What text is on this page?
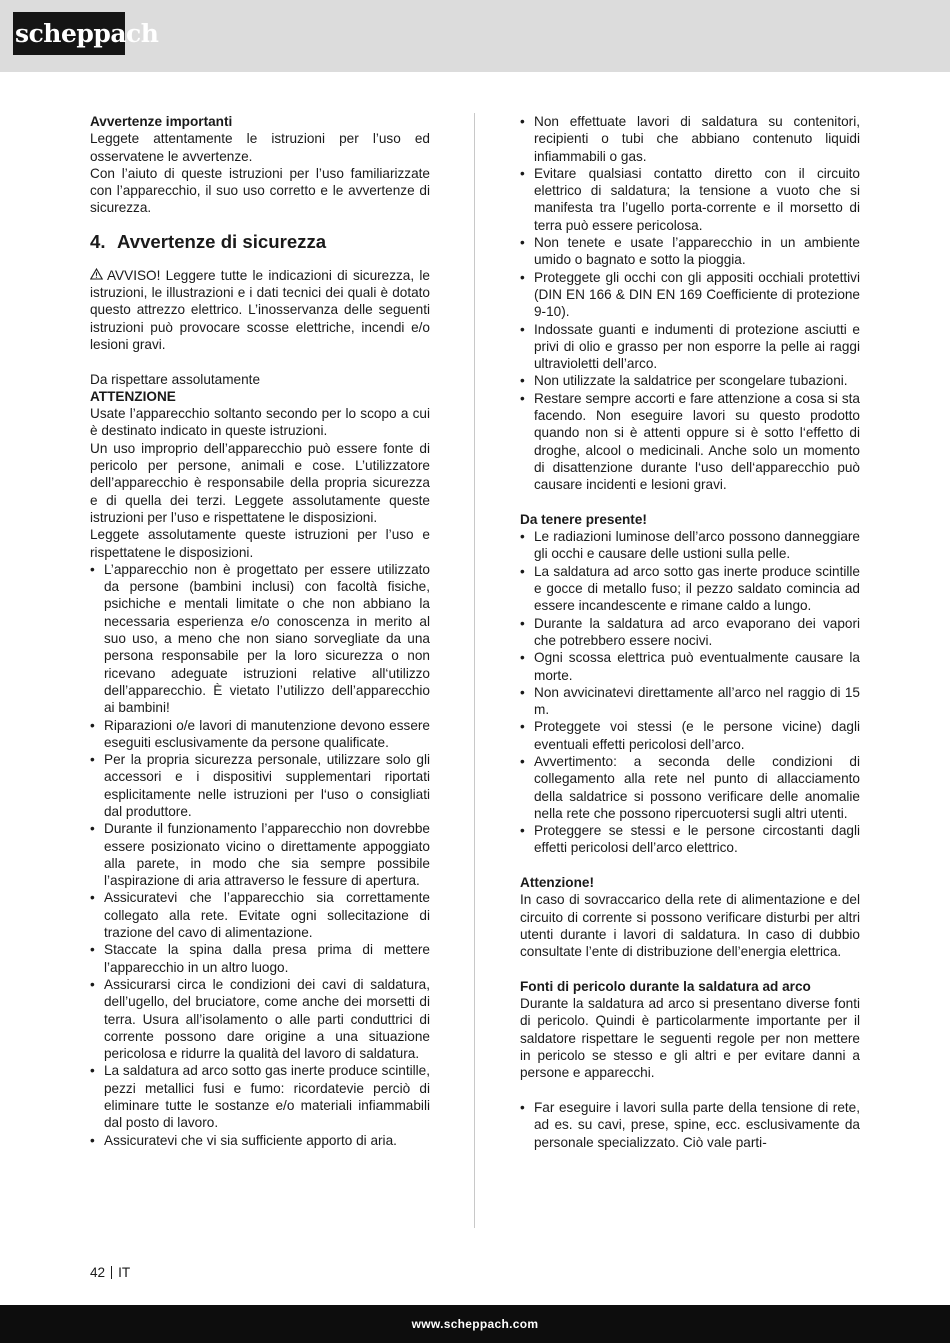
scheppach

Avvertenze importanti

Leggete attentamente le istruzioni per l’uso ed osservatene le avvertenze.

Con l’aiuto di queste istruzioni per l’uso familiarizzate con l’apparecchio, il suo uso corretto e le avvertenze di sicurezza.

4. Avvertenze di sicurezza

AVVISO! Leggere tutte le indicazioni di sicurezza, le istruzioni, le illustrazioni e i dati tecnici dei quali è dotato questo attrezzo elettrico. L’inosservanza delle seguenti istruzioni può provocare scosse elettriche, incendi e/o lesioni gravi.

Da rispettare assolutamente

ATTENZIONE

Usate l’apparecchio soltanto secondo per lo scopo a cui è destinato indicato in queste istruzioni.

Un uso improprio dell’apparecchio può essere fonte di pericolo per persone, animali e cose. L’utilizzatore dell’apparecchio è responsabile della propria sicurezza e di quella dei terzi. Leggete assolutamente queste istruzioni per l’uso e rispettatene le disposizioni.

Leggete assolutamente queste istruzioni per l’uso e rispettatene le disposizioni.

• L’apparecchio non è progettato per essere utilizzato da persone (bambini inclusi) con facoltà fisiche, psichiche e mentali limitate o che non abbiano la necessaria esperienza e/o conoscenza in merito al suo uso, a meno che non siano sorvegliate da una persona responsabile per la loro sicurezza o non ricevano adeguate istruzioni relative all‘utilizzo dell’apparecchio. È vietato l’utilizzo dell’apparecchio ai bambini!
• Riparazioni o/e lavori di manutenzione devono essere eseguiti esclusivamente da persone qualificate.
• Per la propria sicurezza personale, utilizzare solo gli accessori e i dispositivi supplementari riportati esplicitamente nelle istruzioni per l‘uso o consigliati dal produttore.
• Durante il funzionamento l’apparecchio non dovrebbe essere posizionato vicino o direttamente appoggiato alla parete, in modo che sia sempre possibile l’aspirazione di aria attraverso le fessure di apertura.
• Assicuratevi che l’apparecchio sia correttamente collegato alla rete. Evitate ogni sollecitazione di trazione del cavo di alimentazione.
• Staccate la spina dalla presa prima di mettere l’apparecchio in un altro luogo.
• Assicurarsi circa le condizioni dei cavi di saldatura, dell’ugello, del bruciatore, come anche dei morsetti di terra. Usura all’isolamento o alle parti conduttrici di corrente possono dare origine a una situazione pericolosa e ridurre la qualità del lavoro di saldatura.
• La saldatura ad arco sotto gas inerte produce scintille, pezzi metallici fusi e fumo: ricordatevie perciò di eliminare tutte le sostanze e/o materiali infiammabili dal posto di lavoro.
• Assicuratevi che vi sia sufficiente apporto di aria.
• Non effettuate lavori di saldatura su contenitori, recipienti o tubi che abbiano contenuto liquidi infiammabili o gas.
• Evitare qualsiasi contatto diretto con il circuito elettrico di saldatura; la tensione a vuoto che si manifesta tra l’ugello porta-corrente e il morsetto di terra può essere pericolosa.
• Non tenete e usate l’apparecchio in un ambiente umido o bagnato e sotto la pioggia.
• Proteggete gli occhi con gli appositi occhiali protettivi (DIN EN 166 & DIN EN 169 Coefficiente di protezione 9-10).
• Indossate guanti e indumenti di protezione asciutti e privi di olio e grasso per non esporre la pelle ai raggi ultravioletti dell’arco.
• Non utilizzate la saldatrice per scongelare tubazioni.
• Restare sempre accorti e fare attenzione a cosa si sta facendo. Non eseguire lavori su questo prodotto quando non si è attenti oppure si è sotto l‘effetto di droghe, alcool o medicinali. Anche solo un momento di disattenzione durante l‘uso dell‘apparecchio può causare incidenti e lesioni gravi.

Da tenere presente!

• Le radiazioni luminose dell’arco possono danneggiare gli occhi e causare delle ustioni sulla pelle.
• La saldatura ad arco sotto gas inerte produce scintille e gocce di metallo fuso; il pezzo saldato comincia ad essere incandescente e rimane caldo a lungo.
• Durante la saldatura ad arco evaporano dei vapori che potrebbero essere nocivi.
• Ogni scossa elettrica può eventualmente causare la morte.
• Non avvicinatevi direttamente all’arco nel raggio di 15 m.
• Proteggete voi stessi (e le persone vicine) dagli eventuali effetti pericolosi dell’arco.
• Avvertimento: a seconda delle condizioni di collegamento alla rete nel punto di allacciamento della saldatrice si possono verificare delle anomalie nella rete che possono ripercuotersi sugli altri utenti.
• Proteggere se stessi e le persone circostanti dagli effetti pericolosi dell’arco elettrico.

Attenzione!

In caso di sovraccarico della rete di alimentazione e del circuito di corrente si possono verificare disturbi per altri utenti durante i lavori di saldatura. In caso di dubbio consultate l’ente di distribuzione dell’energia elettrica.

Fonti di pericolo durante la saldatura ad arco

Durante la saldatura ad arco si presentano diverse fonti di pericolo. Quindi è particolarmente importante per il saldatore rispettare le seguenti regole per non mettere in pericolo se stesso e gli altri e per evitare danni a persone e apparecchi.

• Far eseguire i lavori sulla parte della tensione di rete, ad es. su cavi, prese, spine, ecc. esclusivamente da personale specializzato. Ciò vale parti-
42 IT
www.scheppach.com
